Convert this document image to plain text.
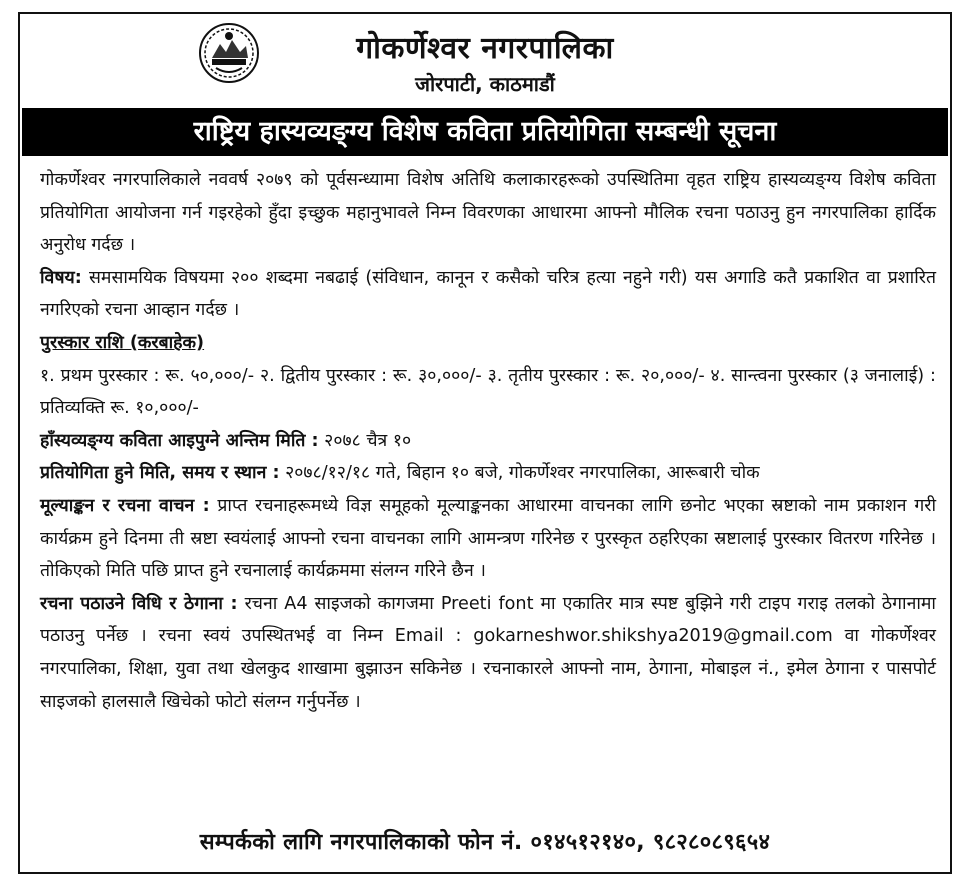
गोकर्णेश्वर नगरपालिका
जोरपाटी, काठमाडौं
राष्ट्रिय हास्यव्यङ्ग्य विशेष कविता प्रतियोगिता सम्बन्धी सूचना

गोकर्णेश्वर नगरपालिकाले नववर्ष २०७९ को पूर्वसन्ध्यामा विशेष अतिथि कलाकारहरूको उपस्थितिमा वृहत राष्ट्रिय हास्यव्यङ्ग्य विशेष कविता प्रतियोगिता आयोजना गर्न गइरहेको हुँदा इच्छुक महानुभावले निम्न विवरणका आधारमा आफ्नो मौलिक रचना पठाउनु हुन नगरपालिका हार्दिक अनुरोध गर्दछ ।

विषय: समसामयिक विषयमा २०० शब्दमा नबढाई (संविधान, कानून र कसैको चरित्र हत्या नहुने गरी) यस अगाडि कतै प्रकाशित वा प्रशारित नगरिएको रचना आव्हान गर्दछ ।

पुरस्कार राशि (करबाहेक)

१. प्रथम पुरस्कार : रू. ५०,०००/- २. द्वितीय पुरस्कार : रू. ३०,०००/- ३. तृतीय पुरस्कार : रू. २०,०००/- ४. सान्त्वना पुरस्कार (३ जनालाई) : प्रतिव्यक्ति रू. १०,०००/-

हाँस्यव्यङ्ग्य कविता आइपुग्ने अन्तिम मिति : २०७८ चैत्र १०

प्रतियोगिता हुने मिति, समय र स्थान : २०७८/१२/१८ गते, बिहान १० बजे, गोकर्णेश्वर नगरपालिका, आरूबारी चोक

मूल्याङ्कन र रचना वाचन : प्राप्त रचनाहरूमध्ये विज्ञ समूहको मूल्याङ्कनका आधारमा वाचनका लागि छनोट भएका स्रष्टाको नाम प्रकाशन गरी कार्यक्रम हुने दिनमा ती स्रष्टा स्वयंलाई आफ्नो रचना वाचनका लागि आमन्त्रण गरिनेछ र पुरस्कृत ठहरिएका स्रष्टालाई पुरस्कार वितरण गरिनेछ । तोकिएको मिति पछि प्राप्त हुने रचनालाई कार्यक्रममा संलग्न गरिने छैन ।

रचना पठाउने विधि र ठेगाना : रचना A4 साइजको कागजमा Preeti font मा एकातिर मात्र स्पष्ट बुझिने गरी टाइप गराइ तलको ठेगानामा पठाउनु पर्नेछ । रचना स्वयं उपस्थितभई वा निम्न Email : gokarneshwor.shikshya2019@gmail.com वा गोकर्णेश्वर नगरपालिका, शिक्षा, युवा तथा खेलकुद शाखामा बुझाउन सकिनेछ । रचनाकारले आफ्नो नाम, ठेगाना, मोबाइल नं., इमेल ठेगाना र पासपोर्ट साइजको हालसालै खिचेको फोटो संलग्न गर्नुपर्नेछ ।

सम्पर्कको लागि नगरपालिकाको फोन नं. ०१४५१२१४०, ९८२८०८९६५४
